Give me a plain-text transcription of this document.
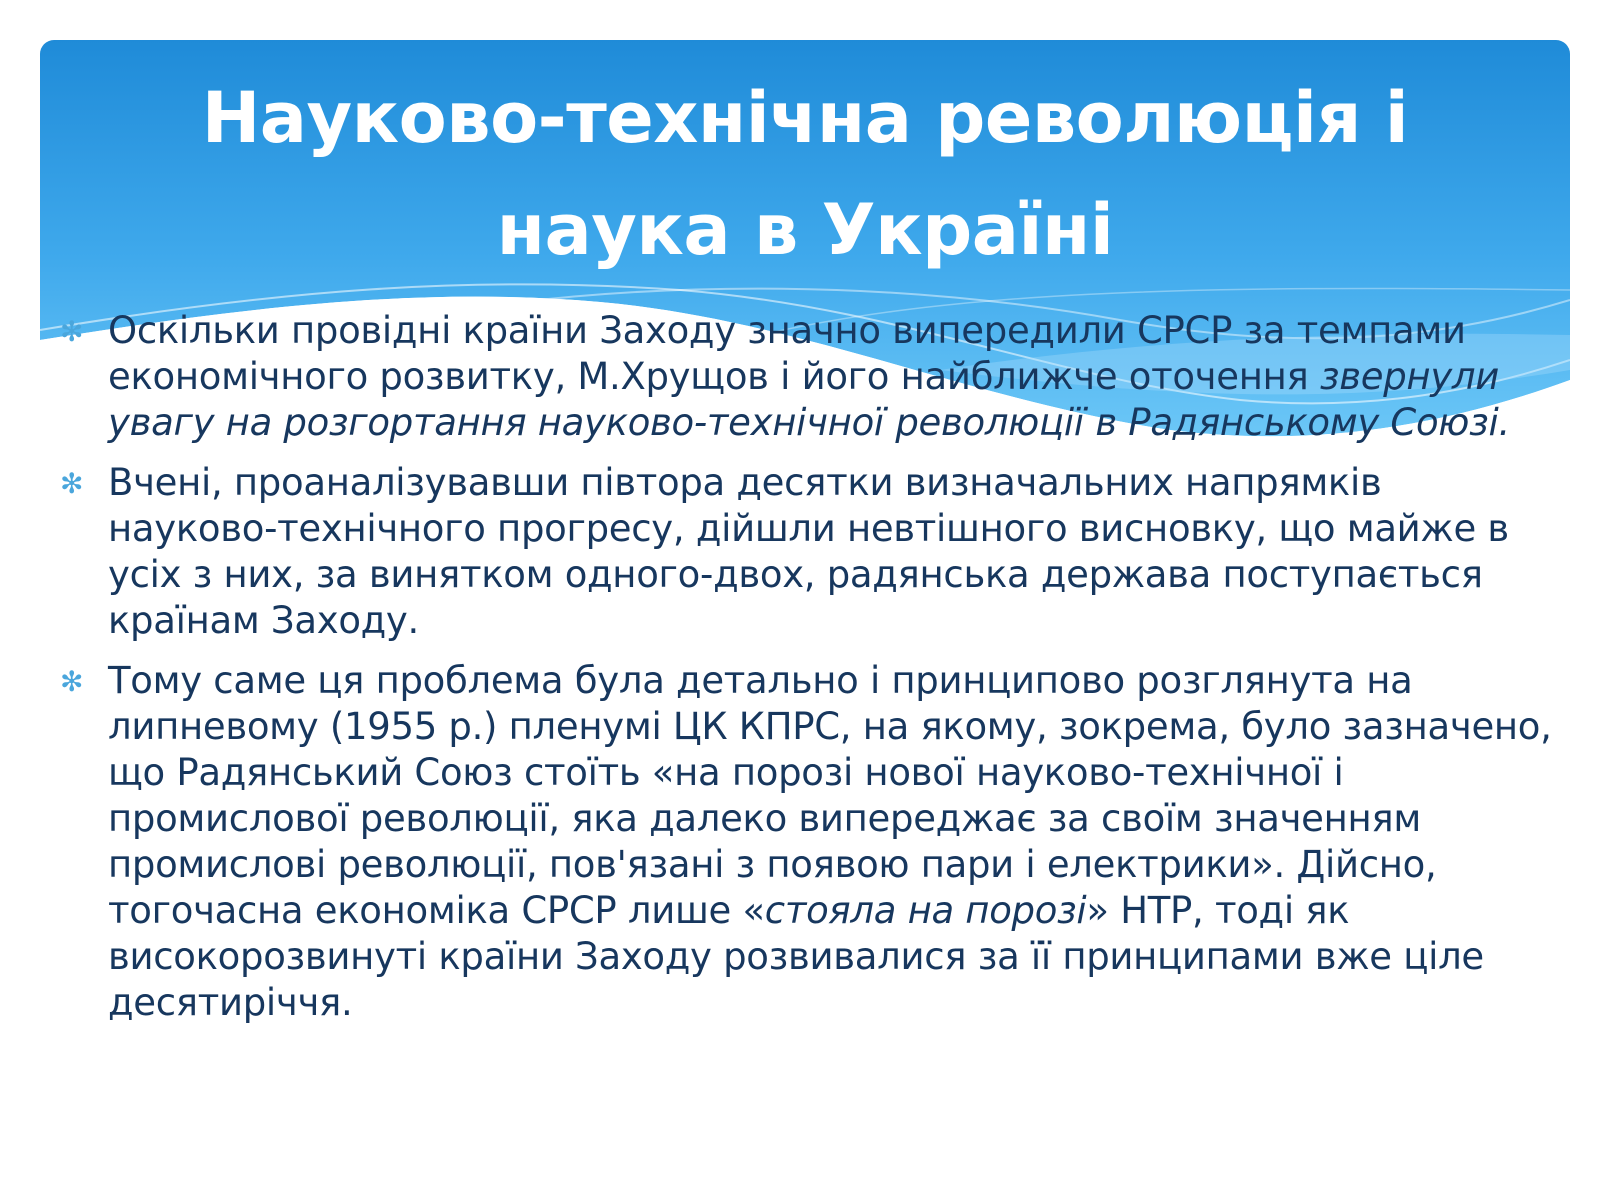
Науково-технічна революція і
наука в Україні
✻ Оскільки провідні країни Заходу значно випередили СРСР за темпами економічного розвитку, М.Хрущов і його найближче оточення звернули увагу на розгортання науково-технічної революції в Радянському Союзі.
✻ Вчені, проаналізувавши півтора десятки визначальних напрямків науково-технічного прогресу, дійшли невтішного висновку, що майже в усіх з них, за винятком одного-двох, радянська держава поступається країнам Заходу.
✻ Тому саме ця проблема була детально і принципово розглянута на липневому (1955 р.) пленумі ЦК КПРС, на якому, зокрема, було зазначено, що Радянський Союз стоїть «на порозі нової науково-технічної і промислової революції, яка далеко випереджає за своїм значенням промислові революції, пов'язані з появою пари і електрики». Дійсно, тогочасна економіка СРСР лише «стояла на порозі» НТР, тоді як високорозвинуті країни Заходу розвивалися за її принципами вже ціле десятиріччя.
